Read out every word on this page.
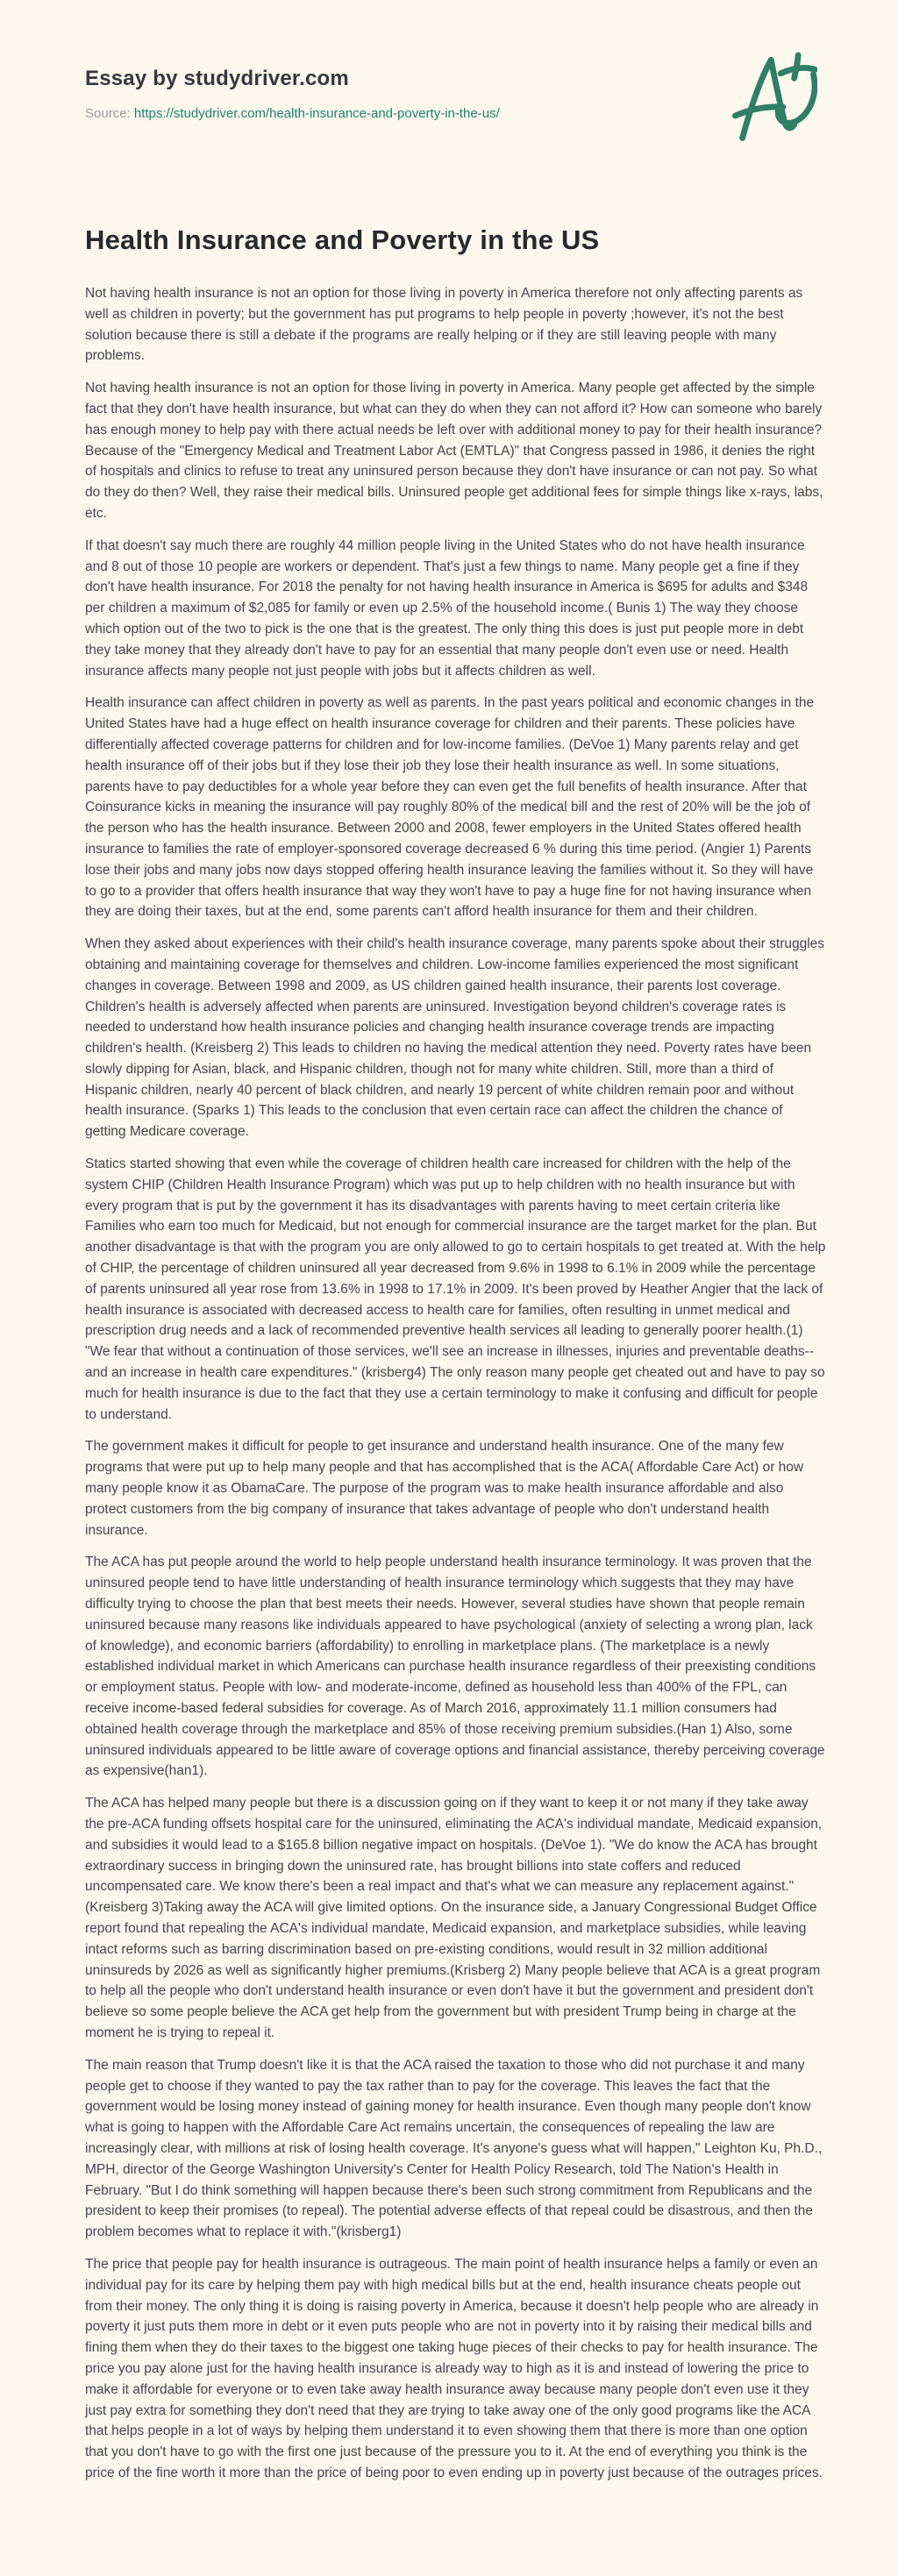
Essay by studydriver.com

Source: https://studydriver.com/health-insurance-and-poverty-in-the-us/

Health Insurance and Poverty in the US

Not having health insurance is not an option for those living in poverty in America therefore not only affecting parents as well as children in poverty; but the government has put programs to help people in poverty ;however, it's not the best solution because there is still a debate if the programs are really helping or if they are still leaving people with many problems.

Not having health insurance is not an option for those living in poverty in America. Many people get affected by the simple fact that they don't have health insurance, but what can they do when they can not afford it? How can someone who barely has enough money to help pay with there actual needs be left over with additional money to pay for their health insurance? Because of the "Emergency Medical and Treatment Labor Act (EMTLA)" that Congress passed in 1986, it denies the right of hospitals and clinics to refuse to treat any uninsured person because they don't have insurance or can not pay. So what do they do then? Well, they raise their medical bills. Uninsured people get additional fees for simple things like x-rays, labs, etc.

If that doesn't say much there are roughly 44 million people living in the United States who do not have health insurance and 8 out of those 10 people are workers or dependent. That's just a few things to name. Many people get a fine if they don't have health insurance. For 2018 the penalty for not having health insurance in America is $695 for adults and $348 per children a maximum of $2,085 for family or even up 2.5% of the household income.( Bunis 1) The way they choose which option out of the two to pick is the one that is the greatest. The only thing this does is just put people more in debt they take money that they already don't have to pay for an essential that many people don't even use or need. Health insurance affects many people not just people with jobs but it affects children as well.

Health insurance can affect children in poverty as well as parents. In the past years political and economic changes in the United States have had a huge effect on health insurance coverage for children and their parents. These policies have differentially affected coverage patterns for children and for low-income families. (DeVoe 1) Many parents relay and get health insurance off of their jobs but if they lose their job they lose their health insurance as well. In some situations, parents have to pay deductibles for a whole year before they can even get the full benefits of health insurance. After that Coinsurance kicks in meaning the insurance will pay roughly 80% of the medical bill and the rest of 20% will be the job of the person who has the health insurance. Between 2000 and 2008, fewer employers in the United States offered health insurance to families the rate of employer-sponsored coverage decreased 6 % during this time period. (Angier 1) Parents lose their jobs and many jobs now days stopped offering health insurance leaving the families without it. So they will have to go to a provider that offers health insurance that way they won't have to pay a huge fine for not having insurance when they are doing their taxes, but at the end, some parents can't afford health insurance for them and their children.

When they asked about experiences with their child's health insurance coverage, many parents spoke about their struggles obtaining and maintaining coverage for themselves and children. Low-income families experienced the most significant changes in coverage. Between 1998 and 2009, as US children gained health insurance, their parents lost coverage. Children's health is adversely affected when parents are uninsured. Investigation beyond children's coverage rates is needed to understand how health insurance policies and changing health insurance coverage trends are impacting children's health. (Kreisberg 2) This leads to children no having the medical attention they need. Poverty rates have been slowly dipping for Asian, black, and Hispanic children, though not for many white children. Still, more than a third of Hispanic children, nearly 40 percent of black children, and nearly 19 percent of white children remain poor and without health insurance. (Sparks 1) This leads to the conclusion that even certain race can affect the children the chance of getting Medicare coverage.

Statics started showing that even while the coverage of children health care increased for children with the help of the system CHIP (Children Health Insurance Program) which was put up to help children with no health insurance but with every program that is put by the government it has its disadvantages with parents having to meet certain criteria like Families who earn too much for Medicaid, but not enough for commercial insurance are the target market for the plan. But another disadvantage is that with the program you are only allowed to go to certain hospitals to get treated at. With the help of CHIP, the percentage of children uninsured all year decreased from 9.6% in 1998 to 6.1% in 2009 while the percentage of parents uninsured all year rose from 13.6% in 1998 to 17.1% in 2009. It's been proved by Heather Angier that the lack of health insurance is associated with decreased access to health care for families, often resulting in unmet medical and prescription drug needs and a lack of recommended preventive health services all leading to generally poorer health.(1) "We fear that without a continuation of those services, we'll see an increase in illnesses, injuries and preventable deaths--and an increase in health care expenditures." (krisberg4) The only reason many people get cheated out and have to pay so much for health insurance is due to the fact that they use a certain terminology to make it confusing and difficult for people to understand.

The government makes it difficult for people to get insurance and understand health insurance. One of the many few programs that were put up to help many people and that has accomplished that is the ACA( Affordable Care Act) or how many people know it as ObamaCare. The purpose of the program was to make health insurance affordable and also protect customers from the big company of insurance that takes advantage of people who don't understand health insurance.

The ACA has put people around the world to help people understand health insurance terminology. It was proven that the uninsured people tend to have little understanding of health insurance terminology which suggests that they may have difficulty trying to choose the plan that best meets their needs. However, several studies have shown that people remain uninsured because many reasons like individuals appeared to have psychological (anxiety of selecting a wrong plan, lack of knowledge), and economic barriers (affordability) to enrolling in marketplace plans. (The marketplace is a newly established individual market in which Americans can purchase health insurance regardless of their preexisting conditions or employment status. People with low- and moderate-income, defined as household less than 400% of the FPL, can receive income-based federal subsidies for coverage. As of March 2016, approximately 11.1 million consumers had obtained health coverage through the marketplace and 85% of those receiving premium subsidies.(Han 1) Also, some uninsured individuals appeared to be little aware of coverage options and financial assistance, thereby perceiving coverage as expensive(han1).

The ACA has helped many people but there is a discussion going on if they want to keep it or not many if they take away the pre-ACA funding offsets hospital care for the uninsured, eliminating the ACA's individual mandate, Medicaid expansion, and subsidies it would lead to a $165.8 billion negative impact on hospitals. (DeVoe 1). "We do know the ACA has brought extraordinary success in bringing down the uninsured rate, has brought billions into state coffers and reduced uncompensated care. We know there's been a real impact and that's what we can measure any replacement against."(Kreisberg 3)Taking away the ACA will give limited options. On the insurance side, a January Congressional Budget Office report found that repealing the ACA's individual mandate, Medicaid expansion, and marketplace subsidies, while leaving intact reforms such as barring discrimination based on pre-existing conditions, would result in 32 million additional uninsureds by 2026 as well as significantly higher premiums.(Krisberg 2) Many people believe that ACA is a great program to help all the people who don't understand health insurance or even don't have it but the government and president don't believe so some people believe the ACA get help from the government but with president Trump being in charge at the moment he is trying to repeal it.

The main reason that Trump doesn't like it is that the ACA raised the taxation to those who did not purchase it and many people get to choose if they wanted to pay the tax rather than to pay for the coverage. This leaves the fact that the government would be losing money instead of gaining money for health insurance. Even though many people don't know what is going to happen with the Affordable Care Act remains uncertain, the consequences of repealing the law are increasingly clear, with millions at risk of losing health coverage. It's anyone's guess what will happen," Leighton Ku, Ph.D., MPH, director of the George Washington University's Center for Health Policy Research, told The Nation's Health in February. "But I do think something will happen because there's been such strong commitment from Republicans and the president to keep their promises (to repeal). The potential adverse effects of that repeal could be disastrous, and then the problem becomes what to replace it with."(krisberg1)

The price that people pay for health insurance is outrageous. The main point of health insurance helps a family or even an individual pay for its care by helping them pay with high medical bills but at the end, health insurance cheats people out from their money. The only thing it is doing is raising poverty in America, because it doesn't help people who are already in poverty it just puts them more in debt or it even puts people who are not in poverty into it by raising their medical bills and fining them when they do their taxes to the biggest one taking huge pieces of their checks to pay for health insurance. The price you pay alone just for the having health insurance is already way to high as it is and instead of lowering the price to make it affordable for everyone or to even take away health insurance away because many people don't even use it they just pay extra for something they don't need that they are trying to take away one of the only good programs like the ACA that helps people in a lot of ways by helping them understand it to even showing them that there is more than one option that you don't have to go with the first one just because of the pressure you to it. At the end of everything you think is the price of the fine worth it more than the price of being poor to even ending up in poverty just because of the outrages prices.
